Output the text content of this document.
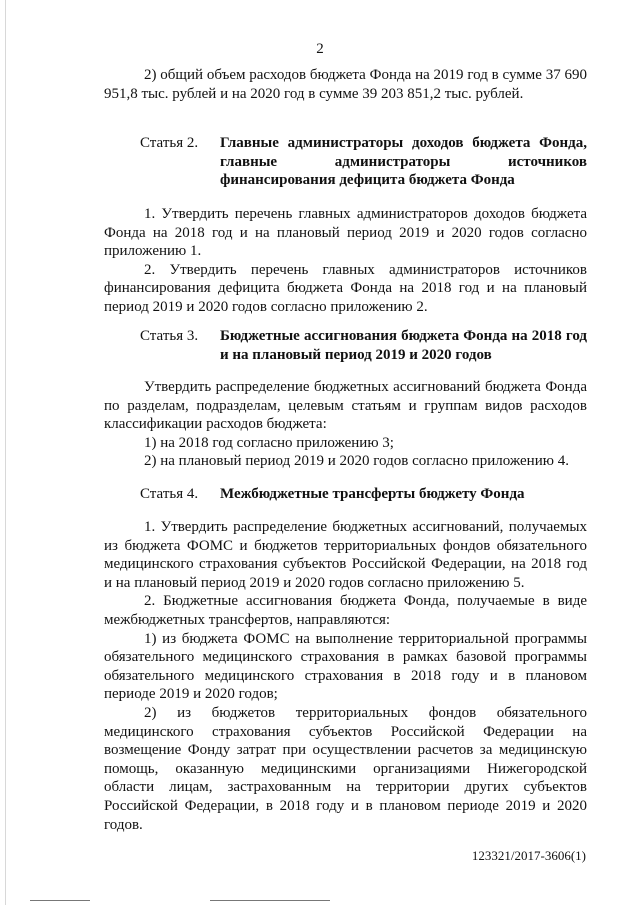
2

2) общий объем расходов бюджета Фонда на 2019 год в сумме 37 690 951,8 тыс. рублей и на 2020 год в сумме 39 203 851,2 тыс. рублей.

Статья 2. Главные администраторы доходов бюджета Фонда, главные администраторы источников финансирования дефицита бюджета Фонда

1. Утвердить перечень главных администраторов доходов бюджета Фонда на 2018 год и на плановый период 2019 и 2020 годов согласно приложению 1.

2. Утвердить перечень главных администраторов источников финансирования дефицита бюджета Фонда на 2018 год и на плановый период 2019 и 2020 годов согласно приложению 2.

Статья 3. Бюджетные ассигнования бюджета Фонда на 2018 год и на плановый период 2019 и 2020 годов

Утвердить распределение бюджетных ассигнований бюджета Фонда по разделам, подразделам, целевым статьям и группам видов расходов классификации расходов бюджета:

1) на 2018 год согласно приложению 3;

2) на плановый период 2019 и 2020 годов согласно приложению 4.

Статья 4. Межбюджетные трансферты бюджету Фонда

1. Утвердить распределение бюджетных ассигнований, получаемых из бюджета ФОМС и бюджетов территориальных фондов обязательного медицинского страхования субъектов Российской Федерации, на 2018 год и на плановый период 2019 и 2020 годов согласно приложению 5.

2. Бюджетные ассигнования бюджета Фонда, получаемые в виде межбюджетных трансфертов, направляются:

1) из бюджета ФОМС на выполнение территориальной программы обязательного медицинского страхования в рамках базовой программы обязательного медицинского страхования в 2018 году и в плановом периоде 2019 и 2020 годов;

2) из бюджетов территориальных фондов обязательного медицинского страхования субъектов Российской Федерации на возмещение Фонду затрат при осуществлении расчетов за медицинскую помощь, оказанную медицинскими организациями Нижегородской области лицам, застрахованным на территории других субъектов Российской Федерации, в 2018 году и в плановом периоде 2019 и 2020 годов.

123321/2017-3606(1)
